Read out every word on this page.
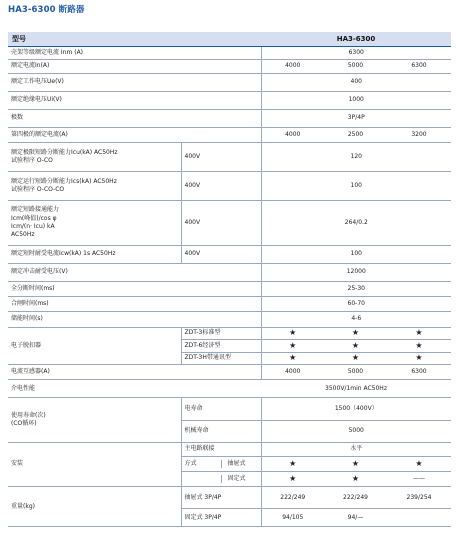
HA3-6300 断路器
型号		HA3-6300		
壳架等级额定电流 Inm (A)		6300		
额定电流In(A)		4000	5000	6300
额定工作电压Ue(V)		400		
额定绝缘电压Ui(V)		1000		
极数		3P/4P		
第四极的额定电流(A)		4000	2500	3200
额定极限短路分断能力Icu(kA) AC50Hz
试验程序 O-CO	400V	120		
额定运行短路分断能力Ics(kA) AC50Hz
试验程序 O-CO-CO	400V	100		
额定短路接通能力
Icm(峰值)/cos φ
Icm/(n· Icu) kA
AC50Hz	400V	264/0.2		
额定短时耐受电流Icw(kA) 1s AC50Hz	400V	100		
额定冲击耐受电压(V)		12000		
全分断时间(ms)		25-30		
合闸时间(ms)		60-70		
储能时间(s)		4-6		
电子脱扣器	ZDT-3标准型	★	★	★
	ZDT-6经济型	★	★	★
	ZDT-3H带通讯型	★	★	★
电流互感器(A)		4000	5000	6300
介电性能		3500V/1min AC50Hz		
使用寿命(次)
(CO循环)	电寿命	1500（400V）		
	机械寿命	5000		
安装	主电路联接	水平		
	方式 抽屉式	★	★	★
	固定式	★	★	——
重量(kg)	抽屉式 3P/4P	222/249	222/249	239/254
	固定式 3P/4P	94/105	94/—	
